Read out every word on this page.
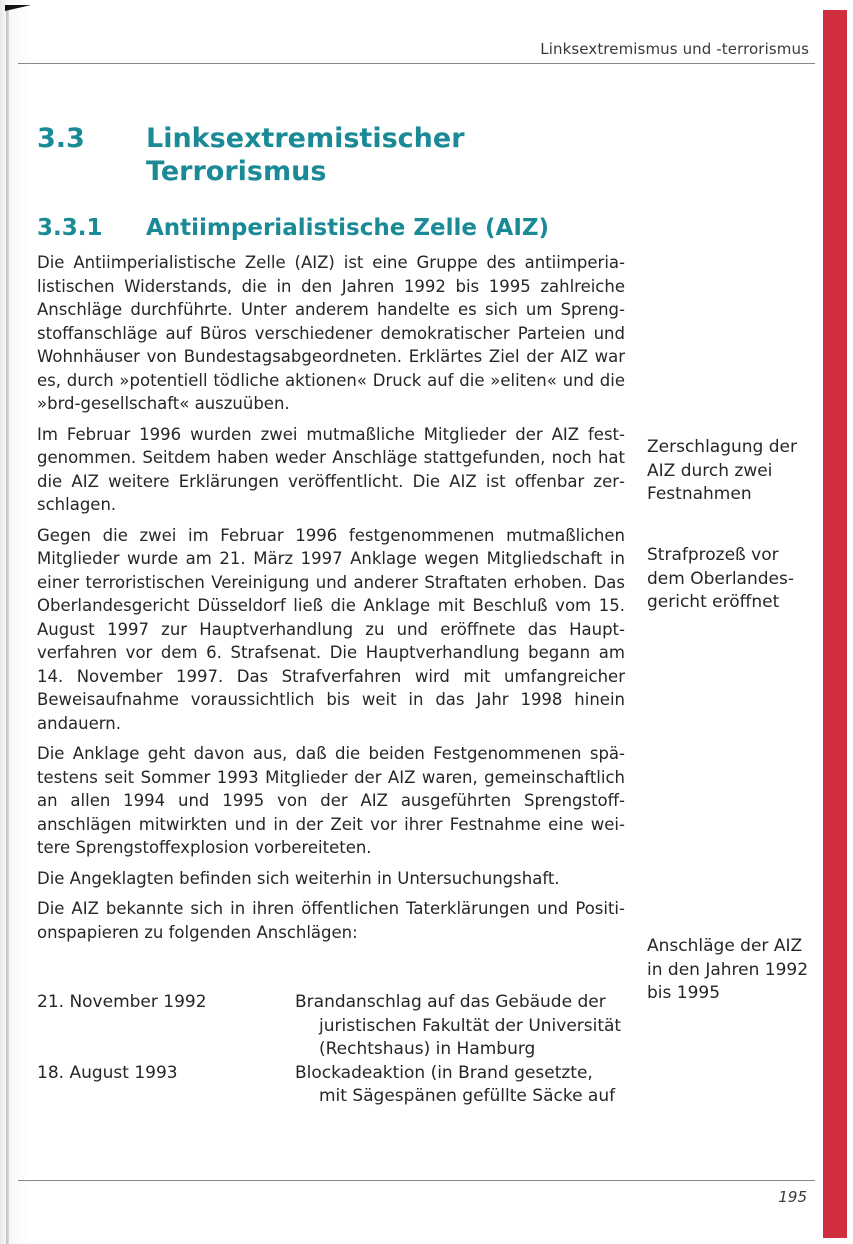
Linksextremismus und -terrorismus
3.3 Linksextremistischer Terrorismus
3.3.1 Antiimperialistische Zelle (AIZ)

Die Antiimperialistische Zelle (AIZ) ist eine Gruppe des antiimperialistischen Widerstands, die in den Jahren 1992 bis 1995 zahlreiche Anschläge durchführte. Unter anderem handelte es sich um Sprengstoffanschläge auf Büros verschiedener demokratischer Parteien und Wohnhäuser von Bundestagsabgeordneten. Erklärtes Ziel der AIZ war es, durch »potentiell tödliche aktionen« Druck auf die »eliten« und die »brd-gesellschaft« auszuüben.

Im Februar 1996 wurden zwei mutmaßliche Mitglieder der AIZ festgenommen. Seitdem haben weder Anschläge stattgefunden, noch hat die AIZ weitere Erklärungen veröffentlicht. Die AIZ ist offenbar zerschlagen.

Gegen die zwei im Februar 1996 festgenommenen mutmaßlichen Mitglieder wurde am 21. März 1997 Anklage wegen Mitgliedschaft in einer terroristischen Vereinigung und anderer Straftaten erhoben. Das Oberlandesgericht Düsseldorf ließ die Anklage mit Beschluß vom 15. August 1997 zur Hauptverhandlung zu und eröffnete das Hauptverfahren vor dem 6. Strafsenat. Die Hauptverhandlung begann am 14. November 1997. Das Strafverfahren wird mit umfangreicher Beweisaufnahme voraussichtlich bis weit in das Jahr 1998 hinein andauern.

Die Anklage geht davon aus, daß die beiden Festgenommenen spätestens seit Sommer 1993 Mitglieder der AIZ waren, gemeinschaftlich an allen 1994 und 1995 von der AIZ ausgeführten Sprengstoffanschlägen mitwirkten und in der Zeit vor ihrer Festnahme eine weitere Sprengstoffexplosion vorbereiteten.

Die Angeklagten befinden sich weiterhin in Untersuchungshaft.

Die AIZ bekannte sich in ihren öffentlichen Taterklärungen und Positionspapieren zu folgenden Anschlägen:

21. November 1992	Brandanschlag auf das Gebäude der juristischen Fakultät der Universität (Rechtshaus) in Hamburg
18. August 1993	Blockadeaktion (in Brand gesetzte, mit Sägespänen gefüllte Säcke auf
Zerschlagung der AIZ durch zwei Festnahmen
Strafprozeß vor dem Oberlandesgericht eröffnet
Anschläge der AIZ in den Jahren 1992 bis 1995
195
